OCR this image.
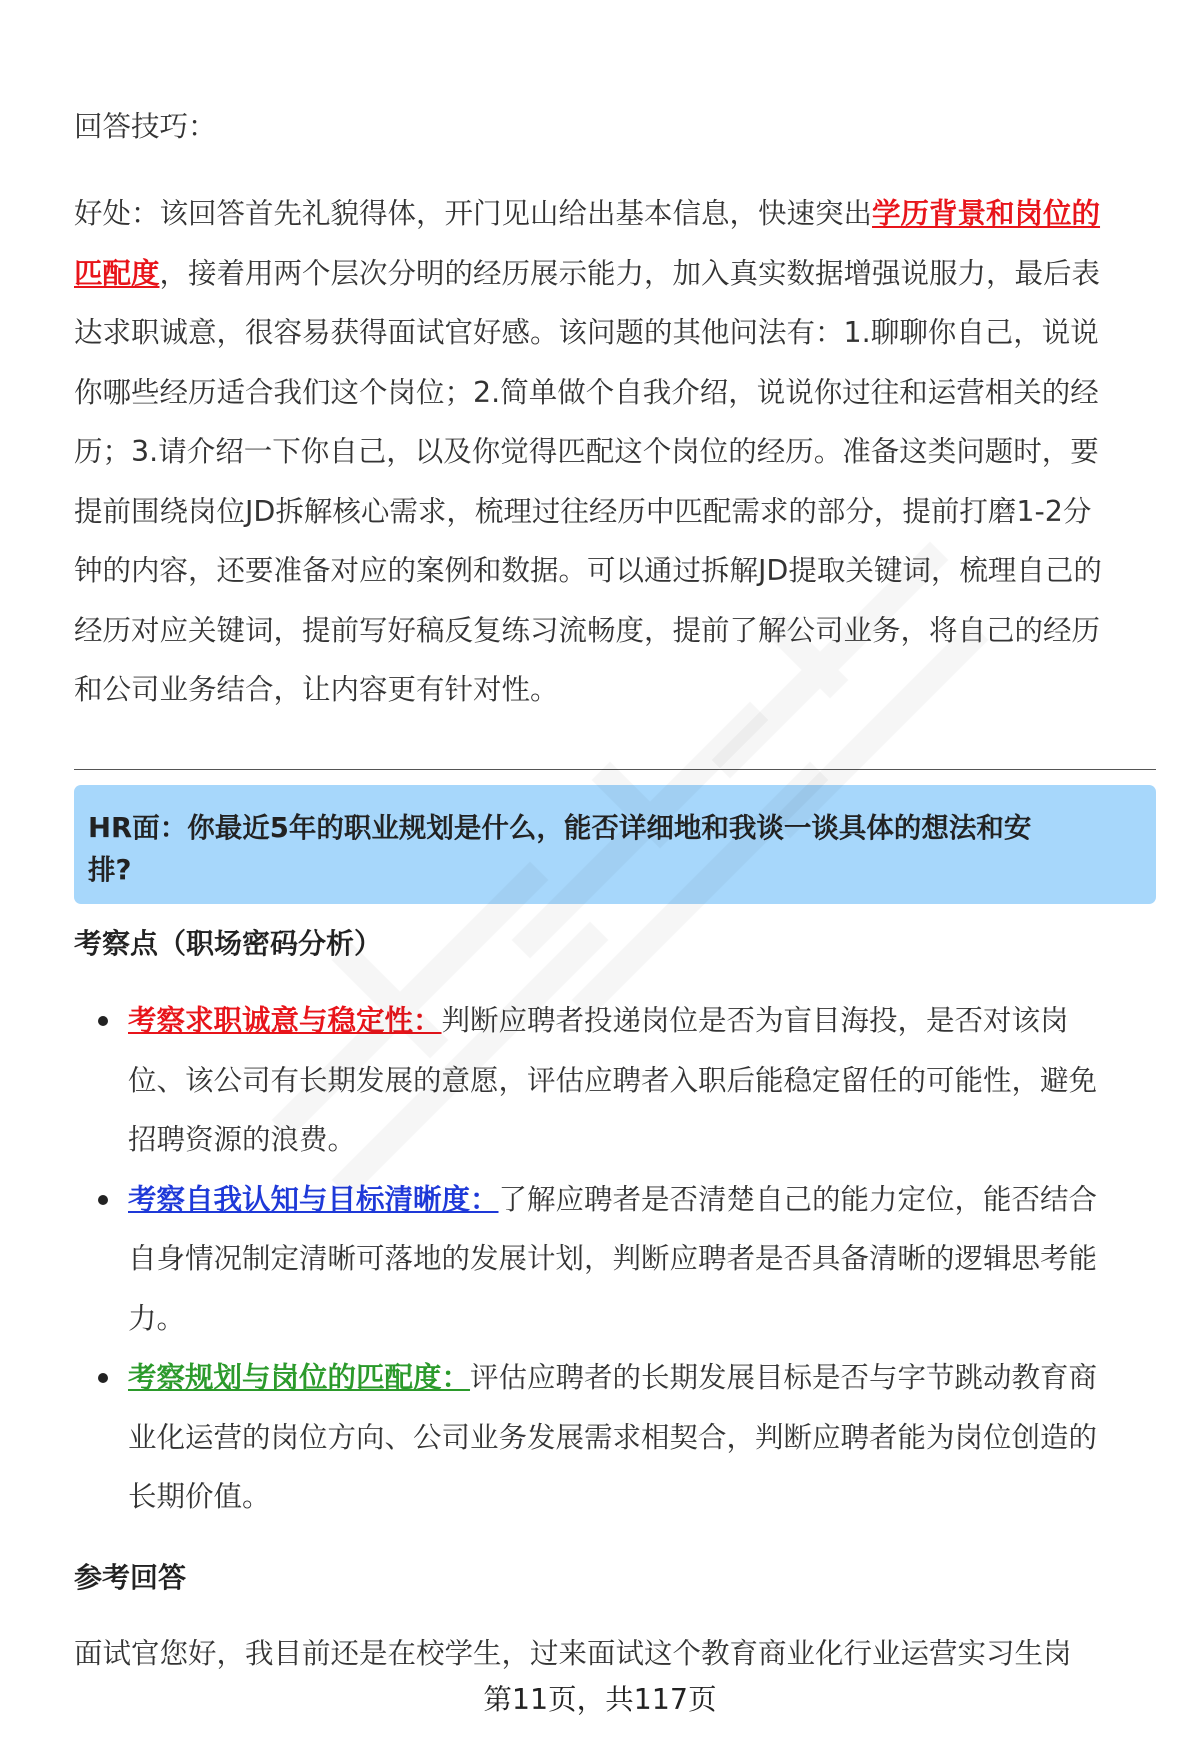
回答技巧：

好处：该回答首先礼貌得体，开门见山给出基本信息，快速突出学历背景和岗位的

匹配度，接着用两个层次分明的经历展示能力，加入真实数据增强说服力，最后表

达求职诚意，很容易获得面试官好感。该问题的其他问法有：1.聊聊你自己，说说

你哪些经历适合我们这个岗位；2.简单做个自我介绍，说说你过往和运营相关的经

历；3.请介绍一下你自己，以及你觉得匹配这个岗位的经历。准备这类问题时，要

提前围绕岗位JD拆解核心需求，梳理过往经历中匹配需求的部分，提前打磨1-2分

钟的内容，还要准备对应的案例和数据。可以通过拆解JD提取关键词，梳理自己的

经历对应关键词，提前写好稿反复练习流畅度，提前了解公司业务，将自己的经历

和公司业务结合，让内容更有针对性。

HR面：你最近5年的职业规划是什么，能否详细地和我谈一谈具体的想法和安

排?

考察点（职场密码分析）

考察求职诚意与稳定性：判断应聘者投递岗位是否为盲目海投，是否对该岗

位、该公司有长期发展的意愿，评估应聘者入职后能稳定留任的可能性，避免

招聘资源的浪费。

考察自我认知与目标清晰度：了解应聘者是否清楚自己的能力定位，能否结合

自身情况制定清晰可落地的发展计划，判断应聘者是否具备清晰的逻辑思考能

力。

考察规划与岗位的匹配度：评估应聘者的长期发展目标是否与字节跳动教育商

业化运营的岗位方向、公司业务发展需求相契合，判断应聘者能为岗位创造的

长期价值。

参考回答
面试官您好，我目前还是在校学生，过来面试这个教育商业化行业运营实习生岗
第11页，共117页
